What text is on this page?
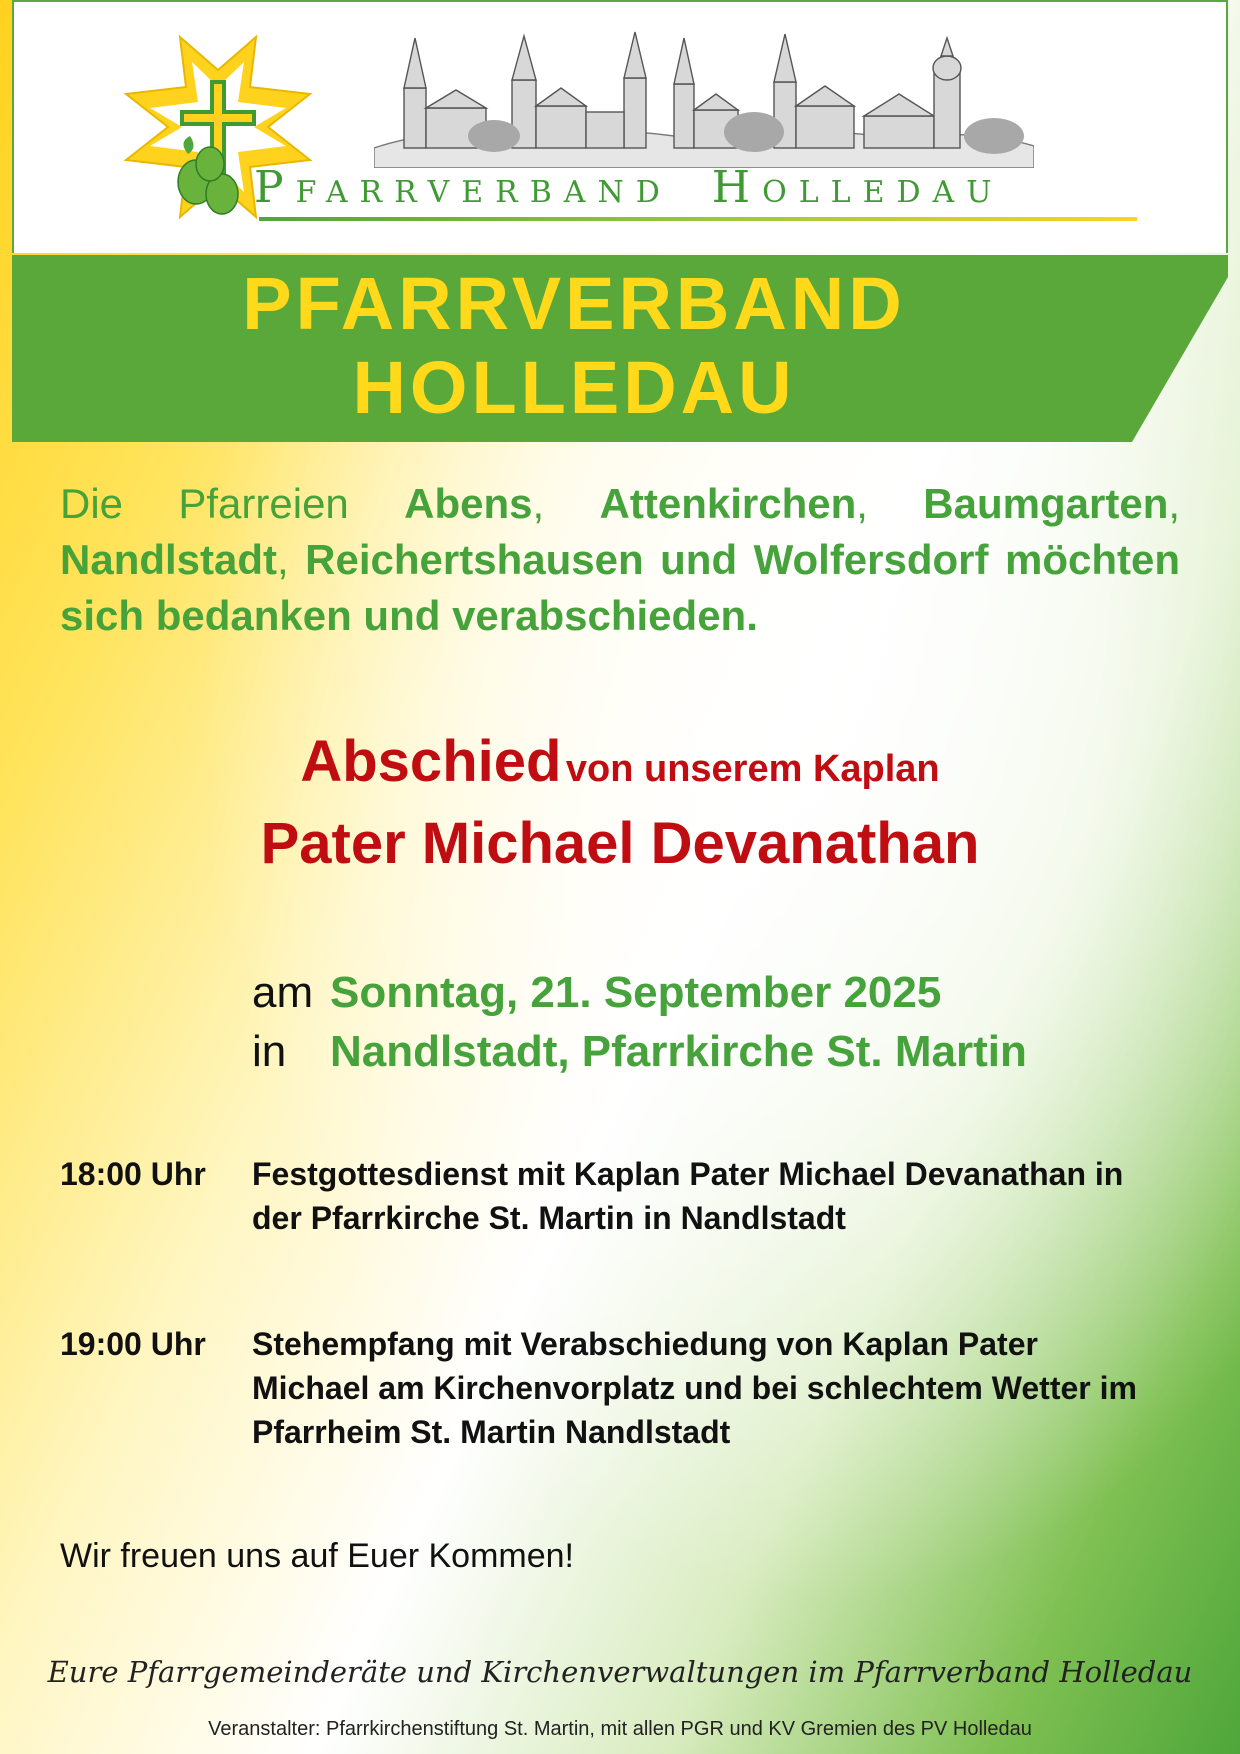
PFARRVERBAND HOLLEDAU
PFARRVERBAND
HOLLEDAU
Die Pfarreien Abens, Attenkirchen, Baumgarten, Nandlstadt, Reichertshausen und Wolfersdorf möchten sich bedanken und verabschieden.
Abschied von unserem Kaplan
Pater Michael Devanathan
am Sonntag, 21. September 2025
in Nandlstadt, Pfarrkirche St. Martin
18:00 Uhr	Festgottesdienst mit Kaplan Pater Michael Devanathan in der Pfarrkirche St. Martin in Nandlstadt
19:00 Uhr	Stehempfang mit Verabschiedung von Kaplan Pater Michael am Kirchenvorplatz und bei schlechtem Wetter im Pfarrheim St. Martin Nandlstadt
Wir freuen uns auf Euer Kommen!
Eure Pfarrgemeinderäte und Kirchenverwaltungen im Pfarrverband Holledau
Veranstalter: Pfarrkirchenstiftung St. Martin, mit allen PGR und KV Gremien des PV Holledau
